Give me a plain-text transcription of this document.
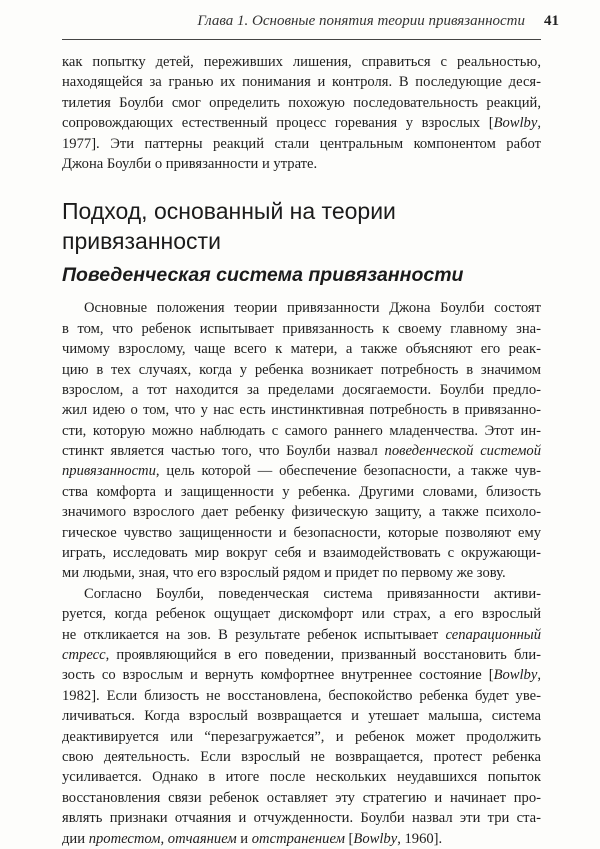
Глава 1. Основные понятия теории привязанности 41
как попытку детей, переживших лишения, справиться с реальностью,
находящейся за гранью их понимания и контроля. В последующие деся-
тилетия Боулби смог определить похожую последовательность реакций,
сопровождающих естественный процесс горевания у взрослых [Bowlby,
1977]. Эти паттерны реакций стали центральным компонентом работ
Джона Боулби о привязанности и утрате.
Подход, основанный на теории
привязанности
Поведенческая система привязанности
Основные положения теории привязанности Джона Боулби состоят
в том, что ребенок испытывает привязанность к своему главному зна-
чимому взрослому, чаще всего к матери, а также объясняют его реак-
цию в тех случаях, когда у ребенка возникает потребность в значимом
взрослом, а тот находится за пределами досягаемости. Боулби предло-
жил идею о том, что у нас есть инстинктивная потребность в привязанно-
сти, которую можно наблюдать с самого раннего младенчества. Этот ин-
стинкт является частью того, что Боулби назвал поведенческой системой
привязанности, цель которой — обеспечение безопасности, а также чув-
ства комфорта и защищенности у ребенка. Другими словами, близость
значимого взрослого дает ребенку физическую защиту, а также психоло-
гическое чувство защищенности и безопасности, которые позволяют ему
играть, исследовать мир вокруг себя и взаимодействовать с окружающи-
ми людьми, зная, что его взрослый рядом и придет по первому же зову.
Согласно Боулби, поведенческая система привязанности активи-
руется, когда ребенок ощущает дискомфорт или страх, а его взрослый
не откликается на зов. В результате ребенок испытывает сепарационный
стресс, проявляющийся в его поведении, призванный восстановить бли-
зость со взрослым и вернуть комфортнее внутреннее состояние [Bowlby,
1982]. Если близость не восстановлена, беспокойство ребенка будет уве-
личиваться. Когда взрослый возвращается и утешает малыша, система
деактивируется или “перезагружается”, и ребенок может продолжить
свою деятельность. Если взрослый не возвращается, протест ребенка
усиливается. Однако в итоге после нескольких неудавшихся попыток
восстановления связи ребенок оставляет эту стратегию и начинает про-
являть признаки отчаяния и отчужденности. Боулби назвал эти три ста-
дии протестом, отчаянием и отстранением [Bowlby, 1960].
